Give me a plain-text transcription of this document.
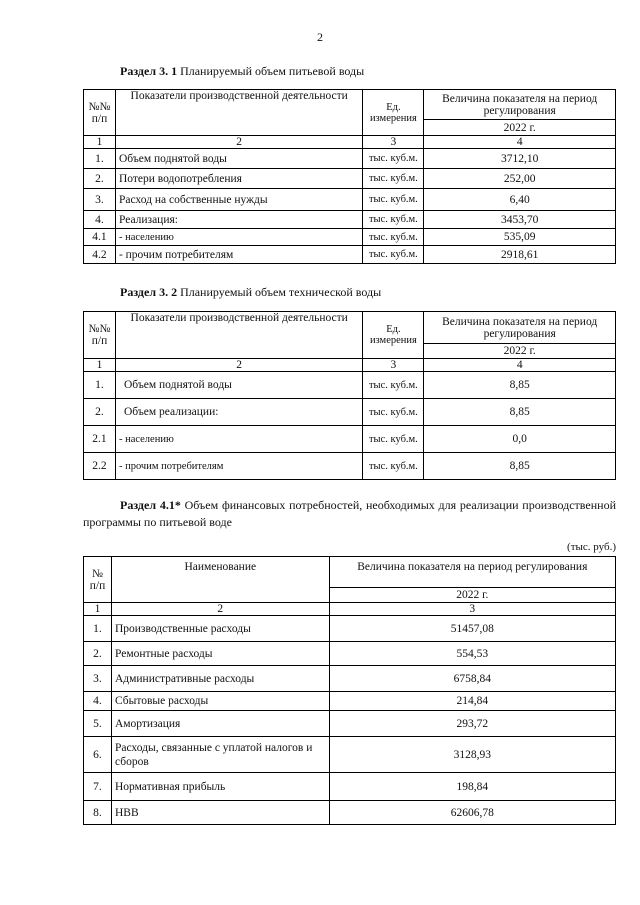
2
Раздел 3. 1 Планируемый объем питьевой воды
№№ п/п	Показатели производственной деятельности	Ед. измерения	Величина показателя на период регулирования
			2022 г.
1	2	3	4
1.	Объем поднятой воды	тыс. куб.м.	3712,10
2.	Потери водопотребления	тыс. куб.м.	252,00
3.	Расход на собственные нужды	тыс. куб.м.	6,40
4.	Реализация:	тыс. куб.м.	3453,70
4.1	- населению	тыс. куб.м.	535,09
4.2	- прочим потребителям	тыс. куб.м.	2918,61
Раздел 3. 2 Планируемый объем технической воды
№№ п/п	Показатели производственной деятельности	Ед. измерения	Величина показателя на период регулирования
			2022 г.
1	2	3	4
1.	Объем поднятой воды	тыс. куб.м.	8,85
2.	Объем реализации:	тыс. куб.м.	8,85
2.1	- населению	тыс. куб.м.	0,0
2.2	- прочим потребителям	тыс. куб.м.	8,85
Раздел 4.1* Объем финансовых потребностей, необходимых для реализации производственной программы по питьевой воде
(тыс. руб.)
№ п/п	Наименование	Величина показателя на период регулирования
		2022 г.
1	2	3
1.	Производственные расходы	51457,08
2.	Ремонтные расходы	554,53
3.	Административные расходы	6758,84
4.	Сбытовые расходы	214,84
5.	Амортизация	293,72
6.	Расходы, связанные с уплатой налогов и сборов	3128,93
7.	Нормативная прибыль	198,84
8.	НВВ	62606,78
